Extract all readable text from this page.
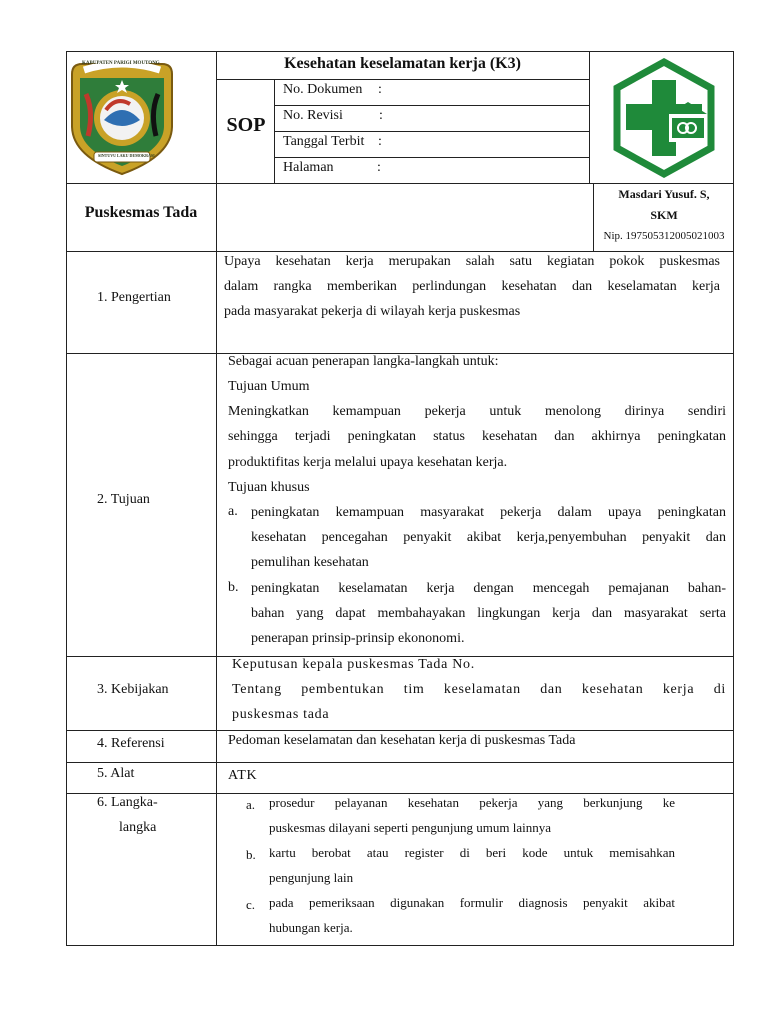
KABUPATEN PARIGI MOUTONG
SINTUVU LAKU DEMOKRASI
Kesehatan keselamatan kerja (K3)
SOP
No. Dokumen :
No. Revisi	:
Tanggal Terbit :
Halaman	:
Puskesmas Tada
Masdari Yusuf. S,
SKM
Nip. 197505312005021003
1. Pengertian
Upaya kesehatan kerja merupakan salah satu kegiatan pokok puskesmas
dalam rangka memberikan perlindungan kesehatan dan keselamatan kerja
pada masyarakat pekerja di wilayah kerja puskesmas
2. Tujuan
Sebagai acuan penerapan langka-langkah untuk:
Tujuan Umum
Meningkatkan kemampuan pekerja untuk menolong dirinya sendiri
sehingga terjadi peningkatan status kesehatan dan akhirnya peningkatan
produktifitas kerja melalui upaya kesehatan kerja.
Tujuan khusus
a. peningkatan kemampuan masyarakat pekerja dalam upaya peningkatan
kesehatan pencegahan penyakit akibat kerja,penyembuhan penyakit dan
pemulihan kesehatan
b. peningkatan keselamatan kerja dengan mencegah pemajanan bahan-
bahan yang dapat membahayakan lingkungan kerja dan masyarakat serta
penerapan prinsip-prinsip ekononomi.
3. Kebijakan
Keputusan kepala puskesmas Tada No.
Tentang pembentukan tim keselamatan dan kesehatan kerja di
puskesmas tada
4. Referensi	Pedoman keselamatan dan kesehatan kerja di puskesmas Tada
5. Alat	ATK
6. Langka-
langka
a. prosedur pelayanan kesehatan pekerja yang berkunjung ke
puskesmas dilayani seperti pengunjung umum lainnya
b. kartu berobat atau register di beri kode untuk memisahkan
pengunjung lain
c. pada pemeriksaan digunakan formulir diagnosis penyakit akibat
hubungan kerja.
